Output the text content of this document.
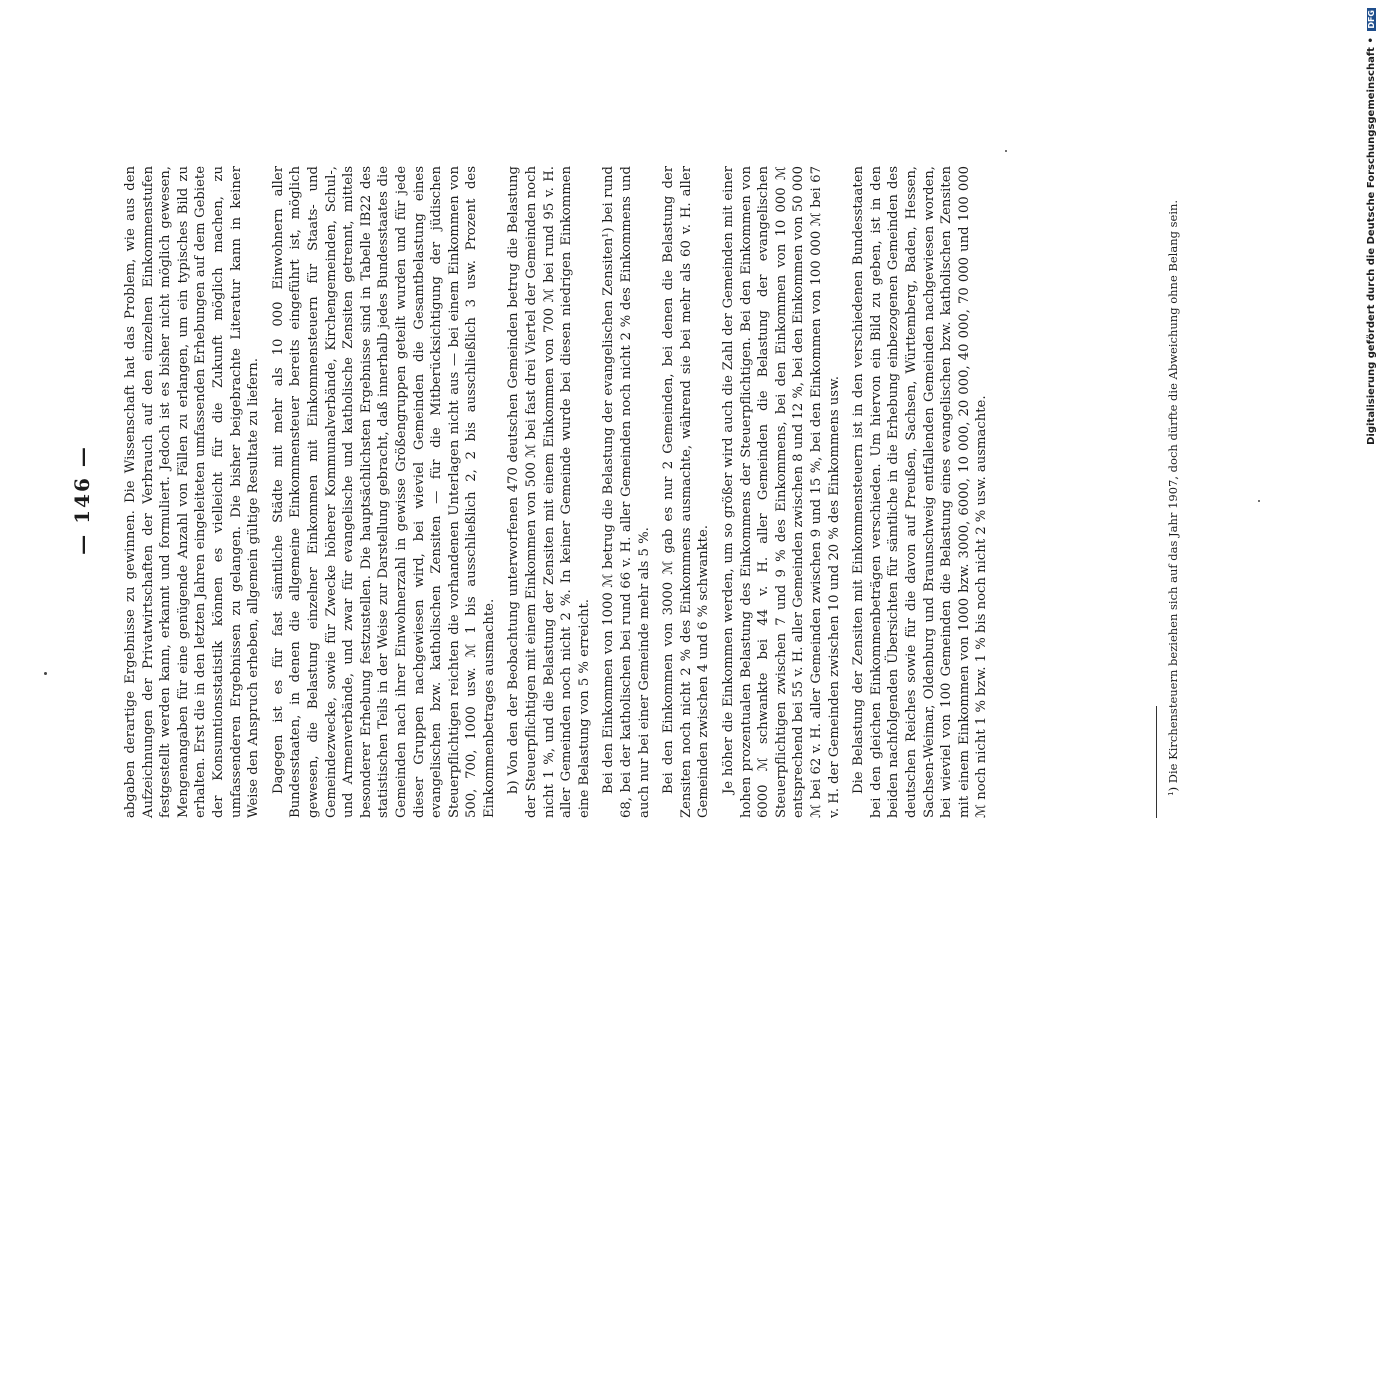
— 146 — abgaben derartige Ergebnisse zu gewinnen. Die Wissenschaft hat das Problem, wie aus den Aufzeichnungen der Privatwirtschaften der Verbrauch auf den einzelnen Einkommenstufen festgestellt werden kann, erkannt und formuliert. Jedoch ist es bisher nicht möglich gewesen, Mengenangaben für eine genügende Anzahl von Fällen zu erlangen, um ein typisches Bild zu erhalten. Erst die in den letzten Jahren eingeleiteten umfassenden Erhebungen auf dem Gebiete der Konsumtionsstatistik können es vielleicht für die Zukunft möglich machen, zu umfassenderen Ergebnissen zu gelangen. Die bisher beigebrachte Literatur kann in keiner Weise den Anspruch erheben, allgemein gültige Resultate zu liefern. Dagegen ist es für fast sämtliche Städte mit mehr als 10 000 Einwohnern aller Bundesstaaten, in denen die allgemeine Einkommensteuer bereits eingeführt ist, möglich gewesen, die Belastung einzelner Einkommen mit Einkommensteuern für Staats- und Gemeindezwecke, sowie für Zwecke höherer Kommunalverbände, Kirchengemeinden, Schul-, und Armenverbände, und zwar für evangelische und katholische Zensiten getrennt, mittels besonderer Erhebung festzustellen. Die hauptsächlichsten Ergebnisse sind in Tabelle IB22 des statistischen Teils in der Weise zur Darstellung gebracht, daß innerhalb jedes Bundesstaates die Gemeinden nach ihrer Einwohnerzahl in gewisse Größengruppen geteilt wurden und für jede dieser Gruppen nachgewiesen wird, bei wieviel Gemeinden die Gesamtbelastung eines evangelischen bzw. katholischen Zensiten — für die Mitberücksichtigung der jüdischen Steuerpflichtigen reichten die vorhandenen Unterlagen nicht aus — bei einem Einkommen von 500, 700, 1000 usw. ℳ 1 bis ausschließlich 2, 2 bis ausschließlich 3 usw. Prozent des Einkommenbetrages ausmachte. b) Von den der Beobachtung unterworfenen 470 deutschen Gemeinden betrug die Belastung der Steuerpflichtigen mit einem Einkommen von 500 ℳ bei fast drei Viertel der Gemeinden noch nicht 1 %, und die Belastung der Zensiten mit einem Einkommen von 700 ℳ bei rund 95 v. H. aller Gemeinden noch nicht 2 %. In keiner Gemeinde wurde bei diesen niedrigen Einkommen eine Belastung von 5 % erreicht. Bei den Einkommen von 1000 ℳ betrug die Belastung der evangelischen Zensiten¹) bei rund 68, bei der katholischen bei rund 66 v. H. aller Gemeinden noch nicht 2 % des Einkommens und auch nur bei einer Gemeinde mehr als 5 %. Bei den Einkommen von 3000 ℳ gab es nur 2 Gemeinden, bei denen die Belastung der Zensiten noch nicht 2 % des Einkommens ausmachte, während sie bei mehr als 60 v. H. aller Gemeinden zwischen 4 und 6 % schwankte. Je höher die Einkommen werden, um so größer wird auch die Zahl der Gemeinden mit einer hohen prozentualen Belastung des Einkommens der Steuerpflichtigen. Bei den Einkommen von 6000 ℳ schwankte bei 44 v. H. aller Gemeinden die Belastung der evangelischen Steuerpflichtigen zwischen 7 und 9 % des Einkommens, bei den Einkommen von 10 000 ℳ entsprechend bei 55 v. H. aller Gemeinden zwischen 8 und 12 %, bei den Einkommen von 50 000 ℳ bei 62 v. H. aller Gemeinden zwischen 9 und 15 %, bei den Einkommen von 100 000 ℳ bei 67 v. H. der Gemeinden zwischen 10 und 20 % des Einkommens usw. Die Belastung der Zensiten mit Einkommensteuern ist in den verschiedenen Bundesstaaten bei den gleichen Einkommenbeträgen verschieden. Um hiervon ein Bild zu geben, ist in den beiden nachfolgenden Übersichten für sämtliche in die Erhebung einbezogenen Gemeinden des deutschen Reiches sowie für die davon auf Preußen, Sachsen, Württemberg, Baden, Hessen, Sachsen-Weimar, Oldenburg und Braunschweig entfallenden Gemeinden nachgewiesen worden, bei wieviel von 100 Gemeinden die Belastung eines evangelischen bzw. katholischen Zensiten mit einem Einkommen von 1000 bzw. 3000, 6000, 10 000, 20 000, 40 000, 70 000 und 100 000 ℳ noch nicht 1 % bzw. 1 % bis noch nicht 2 % usw. ausmachte.	¹) Die Kirchensteuern beziehen sich auf das Jahr 1907, doch dürfte die Abweichung ohne Belang sein.	Digitalisierung gefördert durch die Deutsche Forschungsgemeinschaft • DFG
